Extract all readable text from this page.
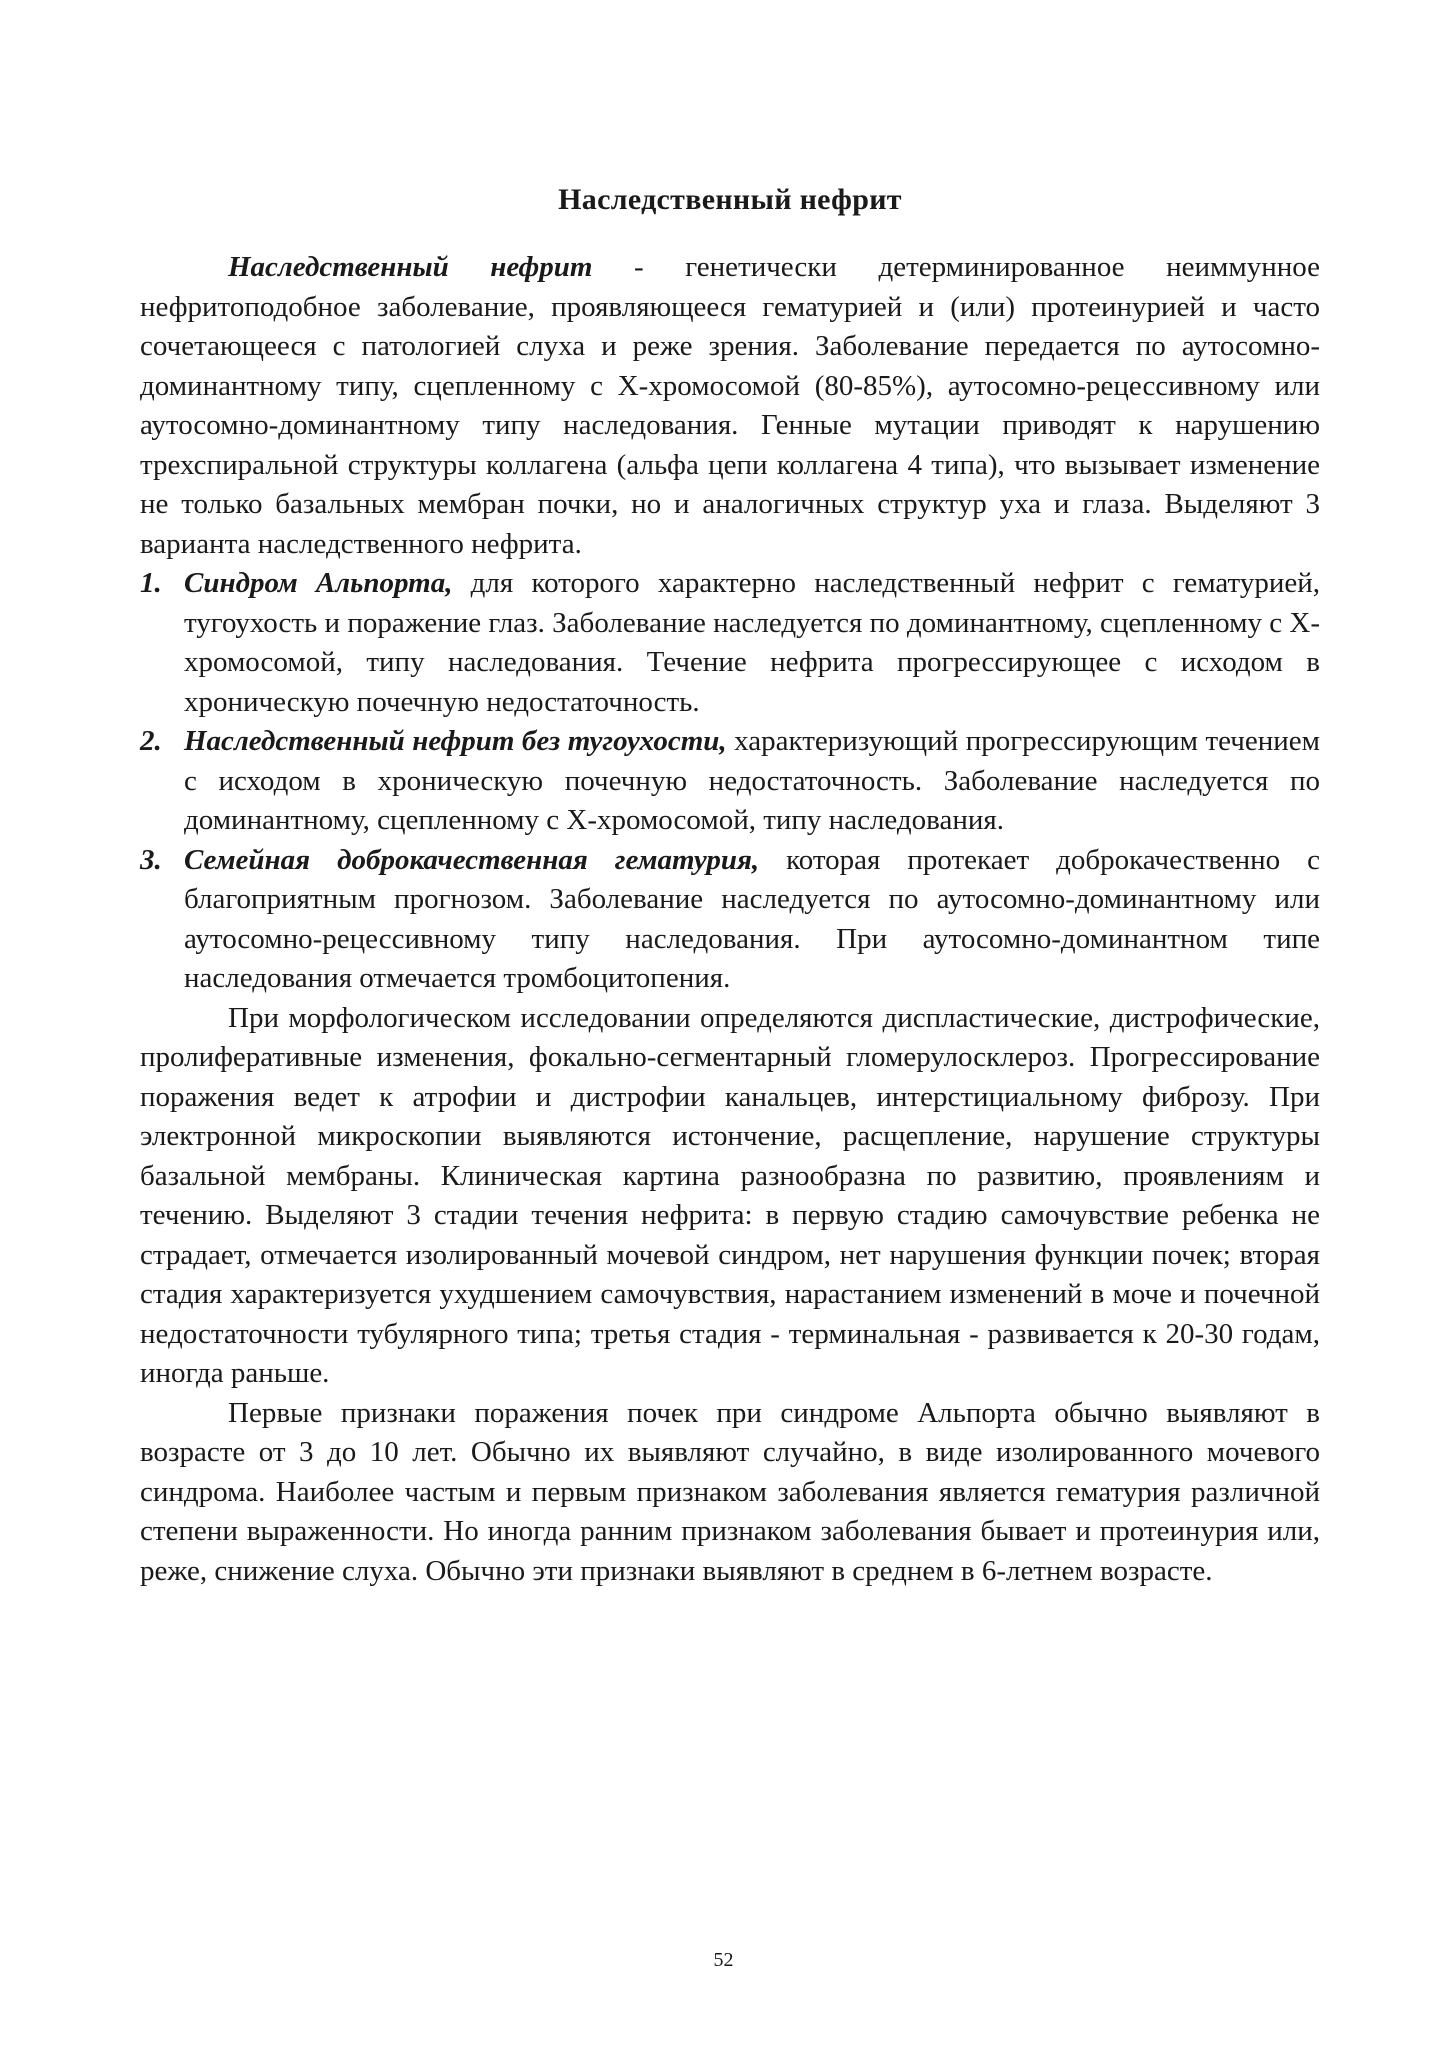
Наследственный нефрит

Наследственный нефрит - генетически детерминированное неиммунное нефритоподобное заболевание, проявляющееся гематурией и (или) протеинурией и часто сочетающееся с патологией слуха и реже зрения. Заболевание передается по аутосомно-доминантному типу, сцепленному с Х-хромосомой (80-85%), аутосомно-рецессивному или аутосомно-доминантному типу наследования. Генные мутации приводят к нарушению трехспиральной структуры коллагена (альфа цепи коллагена 4 типа), что вызывает изменение не только базальных мембран почки, но и аналогичных структур уха и глаза. Выделяют 3 варианта наследственного нефрита.

1. Синдром Альпорта, для которого характерно наследственный нефрит с гематурией, тугоухость и поражение глаз. Заболевание наследуется по доминантному, сцепленному с Х-хромосомой, типу наследования. Течение нефрита прогрессирующее с исходом в хроническую почечную недостаточность.
2. Наследственный нефрит без тугоухости, характеризующий прогрессирующим течением с исходом в хроническую почечную недостаточность. Заболевание наследуется по доминантному, сцепленному с Х-хромосомой, типу наследования.
3. Семейная доброкачественная гематурия, которая протекает доброкачественно с благоприятным прогнозом. Заболевание наследуется по аутосомно-доминантному или аутосомно-рецессивному типу наследования. При аутосомно-доминантном типе наследования отмечается тромбоцитопения.

При морфологическом исследовании определяются диспластические, дистрофические, пролиферативные изменения, фокально-сегментарный гломерулосклероз. Прогрессирование поражения ведет к атрофии и дистрофии канальцев, интерстициальному фиброзу. При электронной микроскопии выявляются истончение, расщепление, нарушение структуры базальной мембраны. Клиническая картина разнообразна по развитию, проявлениям и течению. Выделяют 3 стадии течения нефрита: в первую стадию самочувствие ребенка не страдает, отмечается изолированный мочевой синдром, нет нарушения функции почек; вторая стадия характеризуется ухудшением самочувствия, нарастанием изменений в моче и почечной недостаточности тубулярного типа; третья стадия - терминальная - развивается к 20-30 годам, иногда раньше.

Первые признаки поражения почек при синдроме Альпорта обычно выявляют в возрасте от 3 до 10 лет. Обычно их выявляют случайно, в виде изолированного мочевого синдрома. Наиболее частым и первым признаком заболевания является гематурия различной степени выраженности. Но иногда ранним признаком заболевания бывает и протеинурия или, реже, снижение слуха. Обычно эти признаки выявляют в среднем в 6-летнем возрасте.

52
